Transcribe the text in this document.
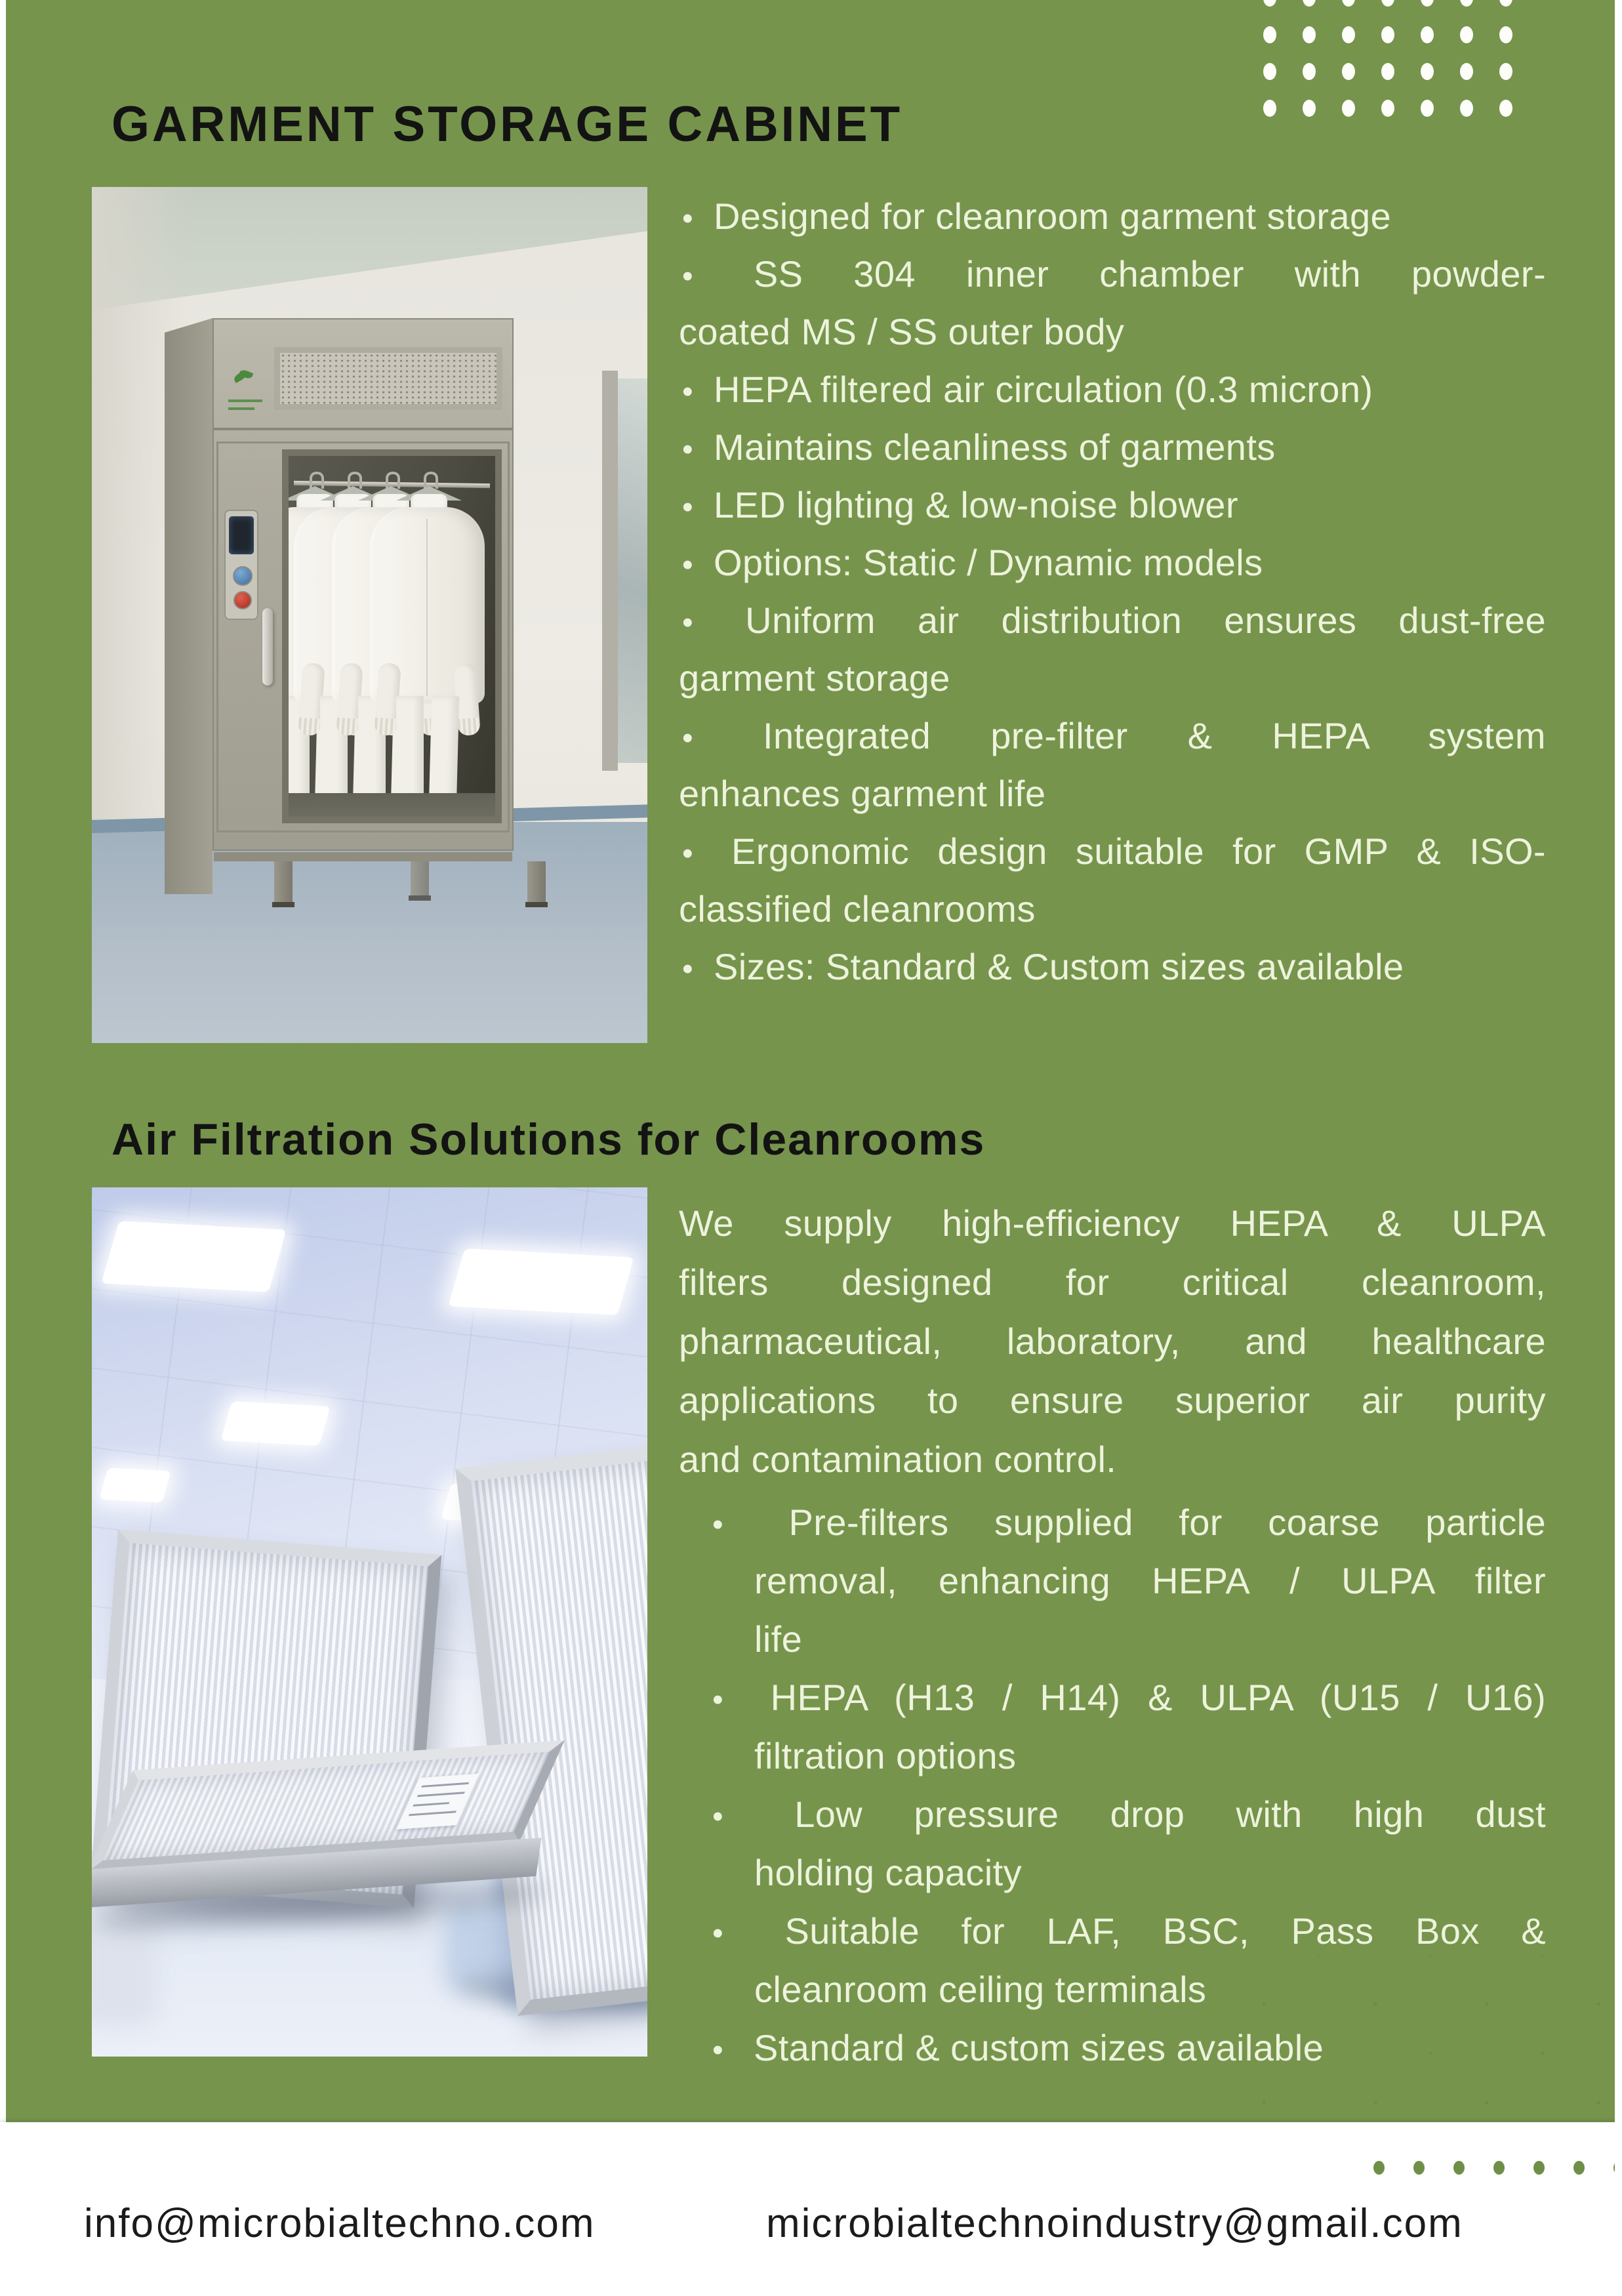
GARMENT STORAGE CABINET
• Designed for cleanroom garment storage
• SS 304 inner chamber with powder-
coated MS / SS outer body
• HEPA filtered air circulation (0.3 micron)
• Maintains cleanliness of garments
• LED lighting & low-noise blower
• Options: Static / Dynamic models
• Uniform air distribution ensures dust-free
garment storage
• Integrated pre-filter & HEPA system
enhances garment life
• Ergonomic design suitable for GMP & ISO-
classified cleanrooms
• Sizes: Standard & Custom sizes available
Air Filtration Solutions for Cleanrooms
We supply high-efficiency HEPA & ULPA
filters designed for critical cleanroom,
pharmaceutical, laboratory, and healthcare
applications to ensure superior air purity
and contamination control.
• Pre-filters supplied for coarse particle
removal, enhancing HEPA / ULPA filter
life
• HEPA (H13 / H14) & ULPA (U15 / U16)
filtration options
• Low pressure drop with high dust
holding capacity
• Suitable for LAF, BSC, Pass Box &
cleanroom ceiling terminals
• Standard & custom sizes available
info@microbialtechno.com	microbialtechnoindustry@gmail.com
